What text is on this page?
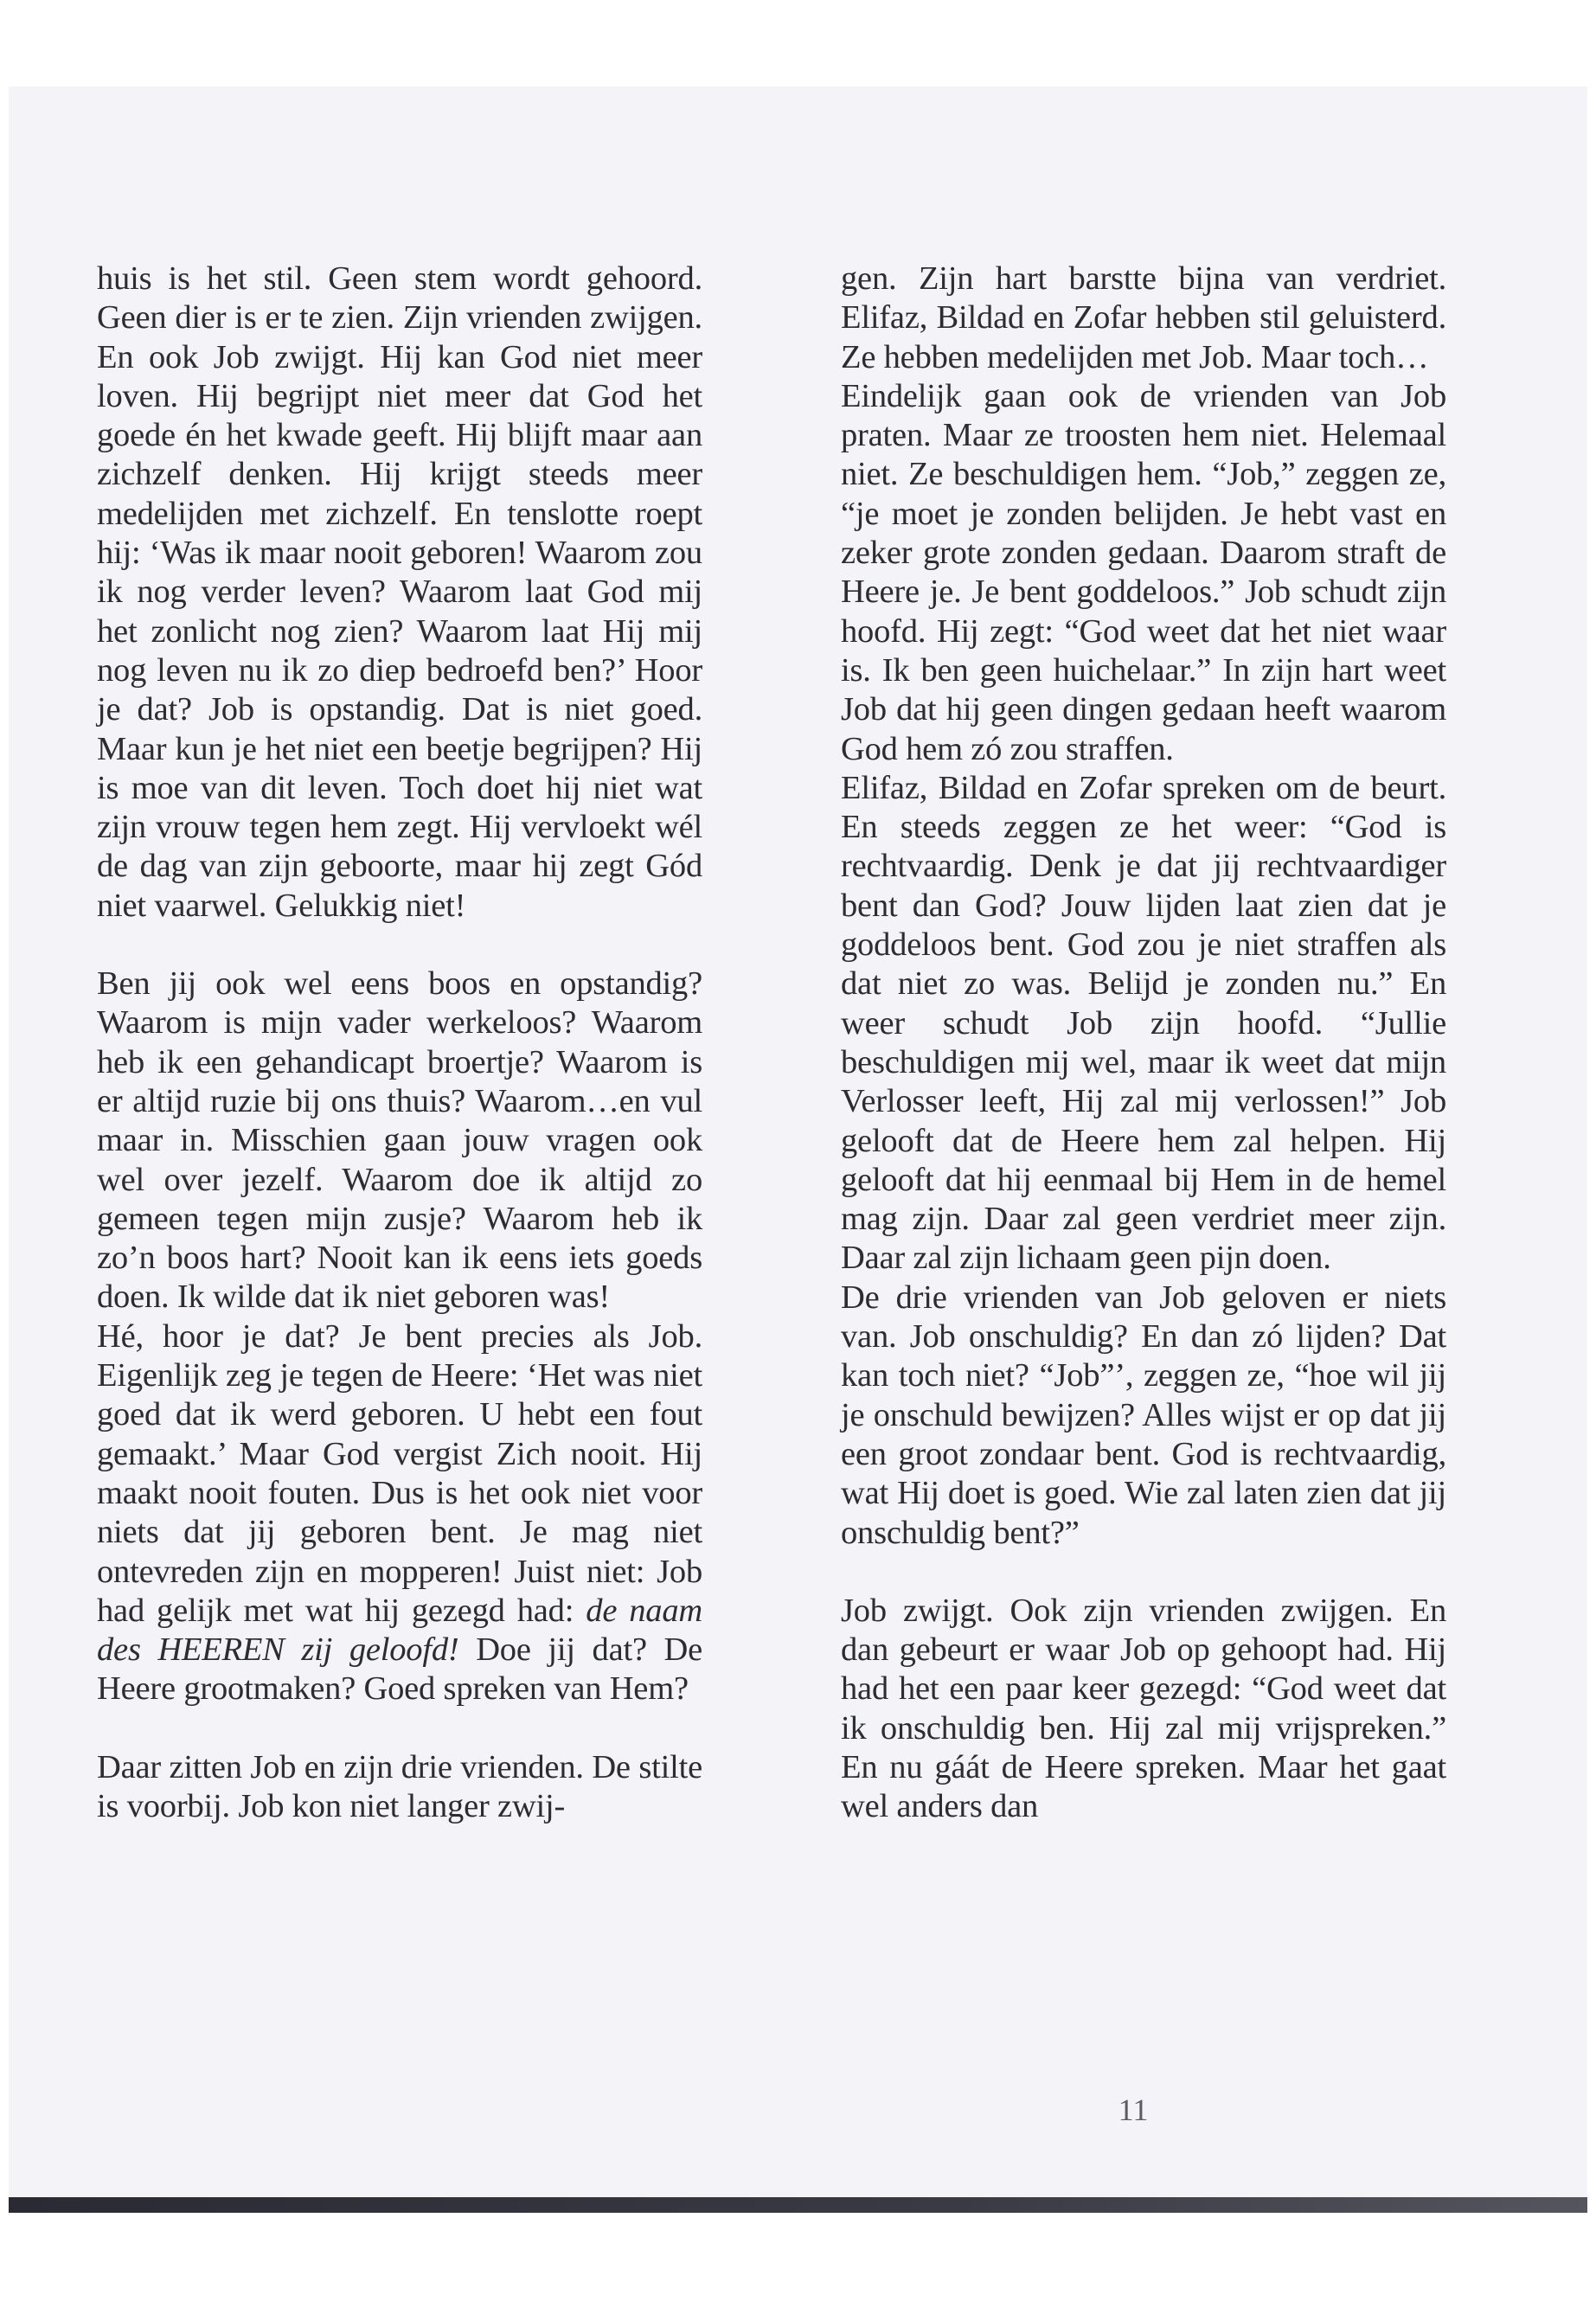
huis is het stil. Geen stem wordt gehoord. Geen dier is er te zien. Zijn vrienden zwijgen. En ook Job zwijgt. Hij kan God niet meer loven. Hij begrijpt niet meer dat God het goede én het kwade geeft. Hij blijft maar aan zichzelf denken. Hij krijgt steeds meer medelijden met zichzelf. En tenslotte roept hij: ‘Was ik maar nooit geboren! Waarom zou ik nog verder leven? Waarom laat God mij het zonlicht nog zien? Waarom laat Hij mij nog leven nu ik zo diep bedroefd ben?’ Hoor je dat? Job is opstandig. Dat is niet goed. Maar kun je het niet een beetje begrijpen? Hij is moe van dit leven. Toch doet hij niet wat zijn vrouw tegen hem zegt. Hij vervloekt wél de dag van zijn geboorte, maar hij zegt Gód niet vaarwel. Gelukkig niet!

Ben jij ook wel eens boos en opstandig? Waarom is mijn vader werkeloos? Waarom heb ik een gehandicapt broertje? Waarom is er altijd ruzie bij ons thuis? Waarom…en vul maar in. Misschien gaan jouw vragen ook wel over jezelf. Waarom doe ik altijd zo gemeen tegen mijn zusje? Waarom heb ik zo’n boos hart? Nooit kan ik eens iets goeds doen. Ik wilde dat ik niet geboren was!

Hé, hoor je dat? Je bent precies als Job. Eigenlijk zeg je tegen de Heere: ‘Het was niet goed dat ik werd geboren. U hebt een fout gemaakt.’ Maar God vergist Zich nooit. Hij maakt nooit fouten. Dus is het ook niet voor niets dat jij geboren bent. Je mag niet ontevreden zijn en mopperen! Juist niet: Job had gelijk met wat hij gezegd had: de naam des HEEREN zij geloofd! Doe jij dat? De Heere grootmaken? Goed spreken van Hem?

Daar zitten Job en zijn drie vrienden. De stilte is voorbij. Job kon niet langer zwij-

gen. Zijn hart barstte bijna van verdriet. Elifaz, Bildad en Zofar hebben stil geluisterd. Ze hebben medelijden met Job. Maar toch…

Eindelijk gaan ook de vrienden van Job praten. Maar ze troosten hem niet. Helemaal niet. Ze beschuldigen hem. “Job,” zeggen ze, “je moet je zonden belijden. Je hebt vast en zeker grote zonden gedaan. Daarom straft de Heere je. Je bent goddeloos.” Job schudt zijn hoofd. Hij zegt: “God weet dat het niet waar is. Ik ben geen huichelaar.” In zijn hart weet Job dat hij geen dingen gedaan heeft waarom God hem zó zou straffen.

Elifaz, Bildad en Zofar spreken om de beurt. En steeds zeggen ze het weer: “God is rechtvaardig. Denk je dat jij rechtvaardiger bent dan God? Jouw lijden laat zien dat je goddeloos bent. God zou je niet straffen als dat niet zo was. Belijd je zonden nu.” En weer schudt Job zijn hoofd. “Jullie beschuldigen mij wel, maar ik weet dat mijn Verlosser leeft, Hij zal mij verlossen!” Job gelooft dat de Heere hem zal helpen. Hij gelooft dat hij eenmaal bij Hem in de hemel mag zijn. Daar zal geen verdriet meer zijn. Daar zal zijn lichaam geen pijn doen.

De drie vrienden van Job geloven er niets van. Job onschuldig? En dan zó lijden? Dat kan toch niet? “Job”’, zeggen ze, “hoe wil jij je onschuld bewijzen? Alles wijst er op dat jij een groot zondaar bent. God is rechtvaardig, wat Hij doet is goed. Wie zal laten zien dat jij onschuldig bent?”

Job zwijgt. Ook zijn vrienden zwijgen. En dan gebeurt er waar Job op gehoopt had. Hij had het een paar keer gezegd: “God weet dat ik onschuldig ben. Hij zal mij vrijspreken.” En nu gáát de Heere spreken. Maar het gaat wel anders dan

11
